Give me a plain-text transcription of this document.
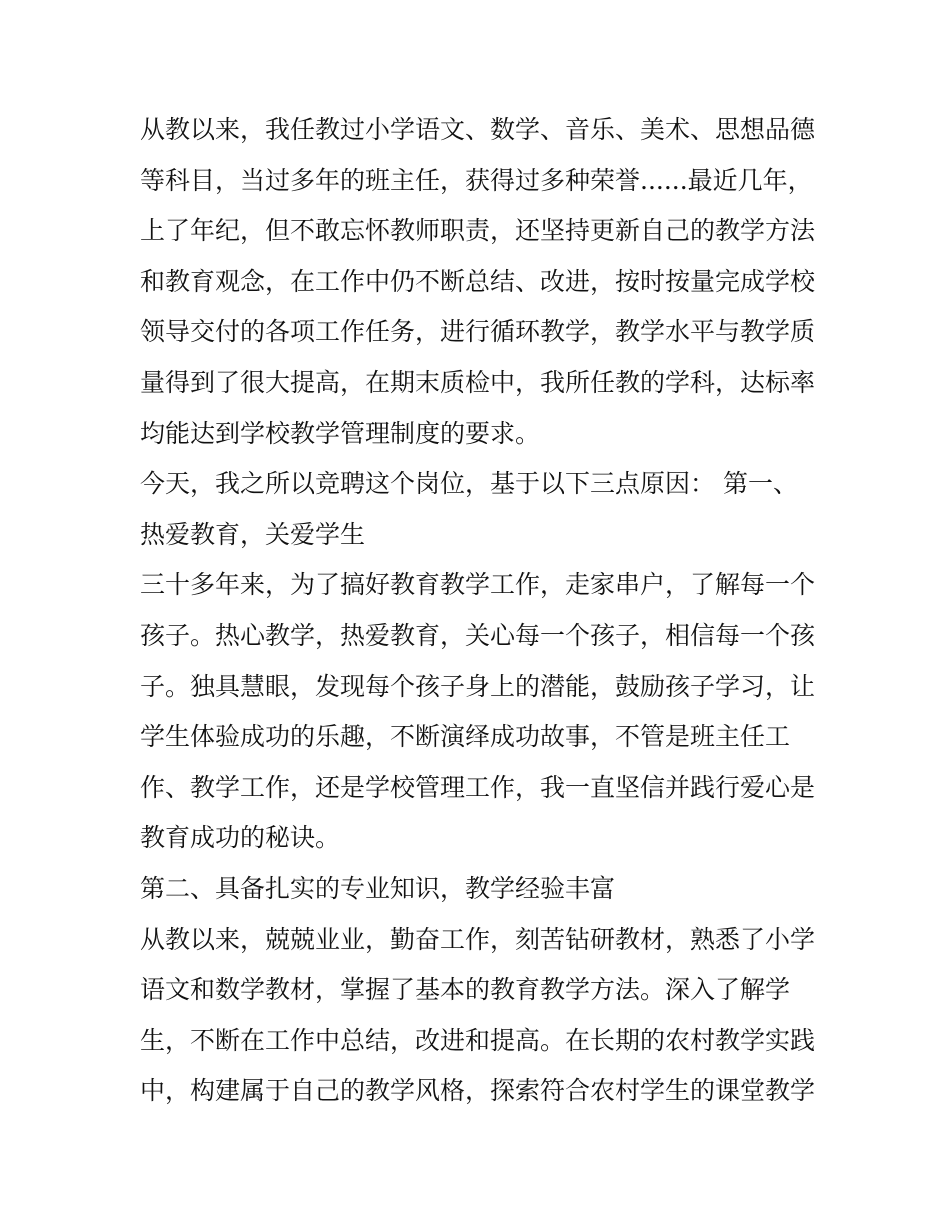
从教以来，我任教过小学语文、数学、音乐、美术、思想品德
等科目，当过多年的班主任，获得过多种荣誉......最近几年，
上了年纪，但不敢忘怀教师职责，还坚持更新自己的教学方法
和教育观念，在工作中仍不断总结、改进，按时按量完成学校
领导交付的各项工作任务，进行循环教学，教学水平与教学质
量得到了很大提高，在期末质检中，我所任教的学科，达标率
均能达到学校教学管理制度的要求。
今天，我之所以竞聘这个岗位，基于以下三点原因： 第一、
热爱教育，关爱学生
三十多年来，为了搞好教育教学工作，走家串户，了解每一个
孩子。热心教学，热爱教育，关心每一个孩子，相信每一个孩
子。独具慧眼，发现每个孩子身上的潜能，鼓励孩子学习，让
学生体验成功的乐趣，不断演绎成功故事，不管是班主任工
作、教学工作，还是学校管理工作，我一直坚信并践行爱心是
教育成功的秘诀。
第二、具备扎实的专业知识，教学经验丰富
从教以来，兢兢业业，勤奋工作，刻苦钻研教材，熟悉了小学
语文和数学教材，掌握了基本的教育教学方法。深入了解学
生，不断在工作中总结，改进和提高。在长期的农村教学实践
中，构建属于自己的教学风格，探索符合农村学生的课堂教学
